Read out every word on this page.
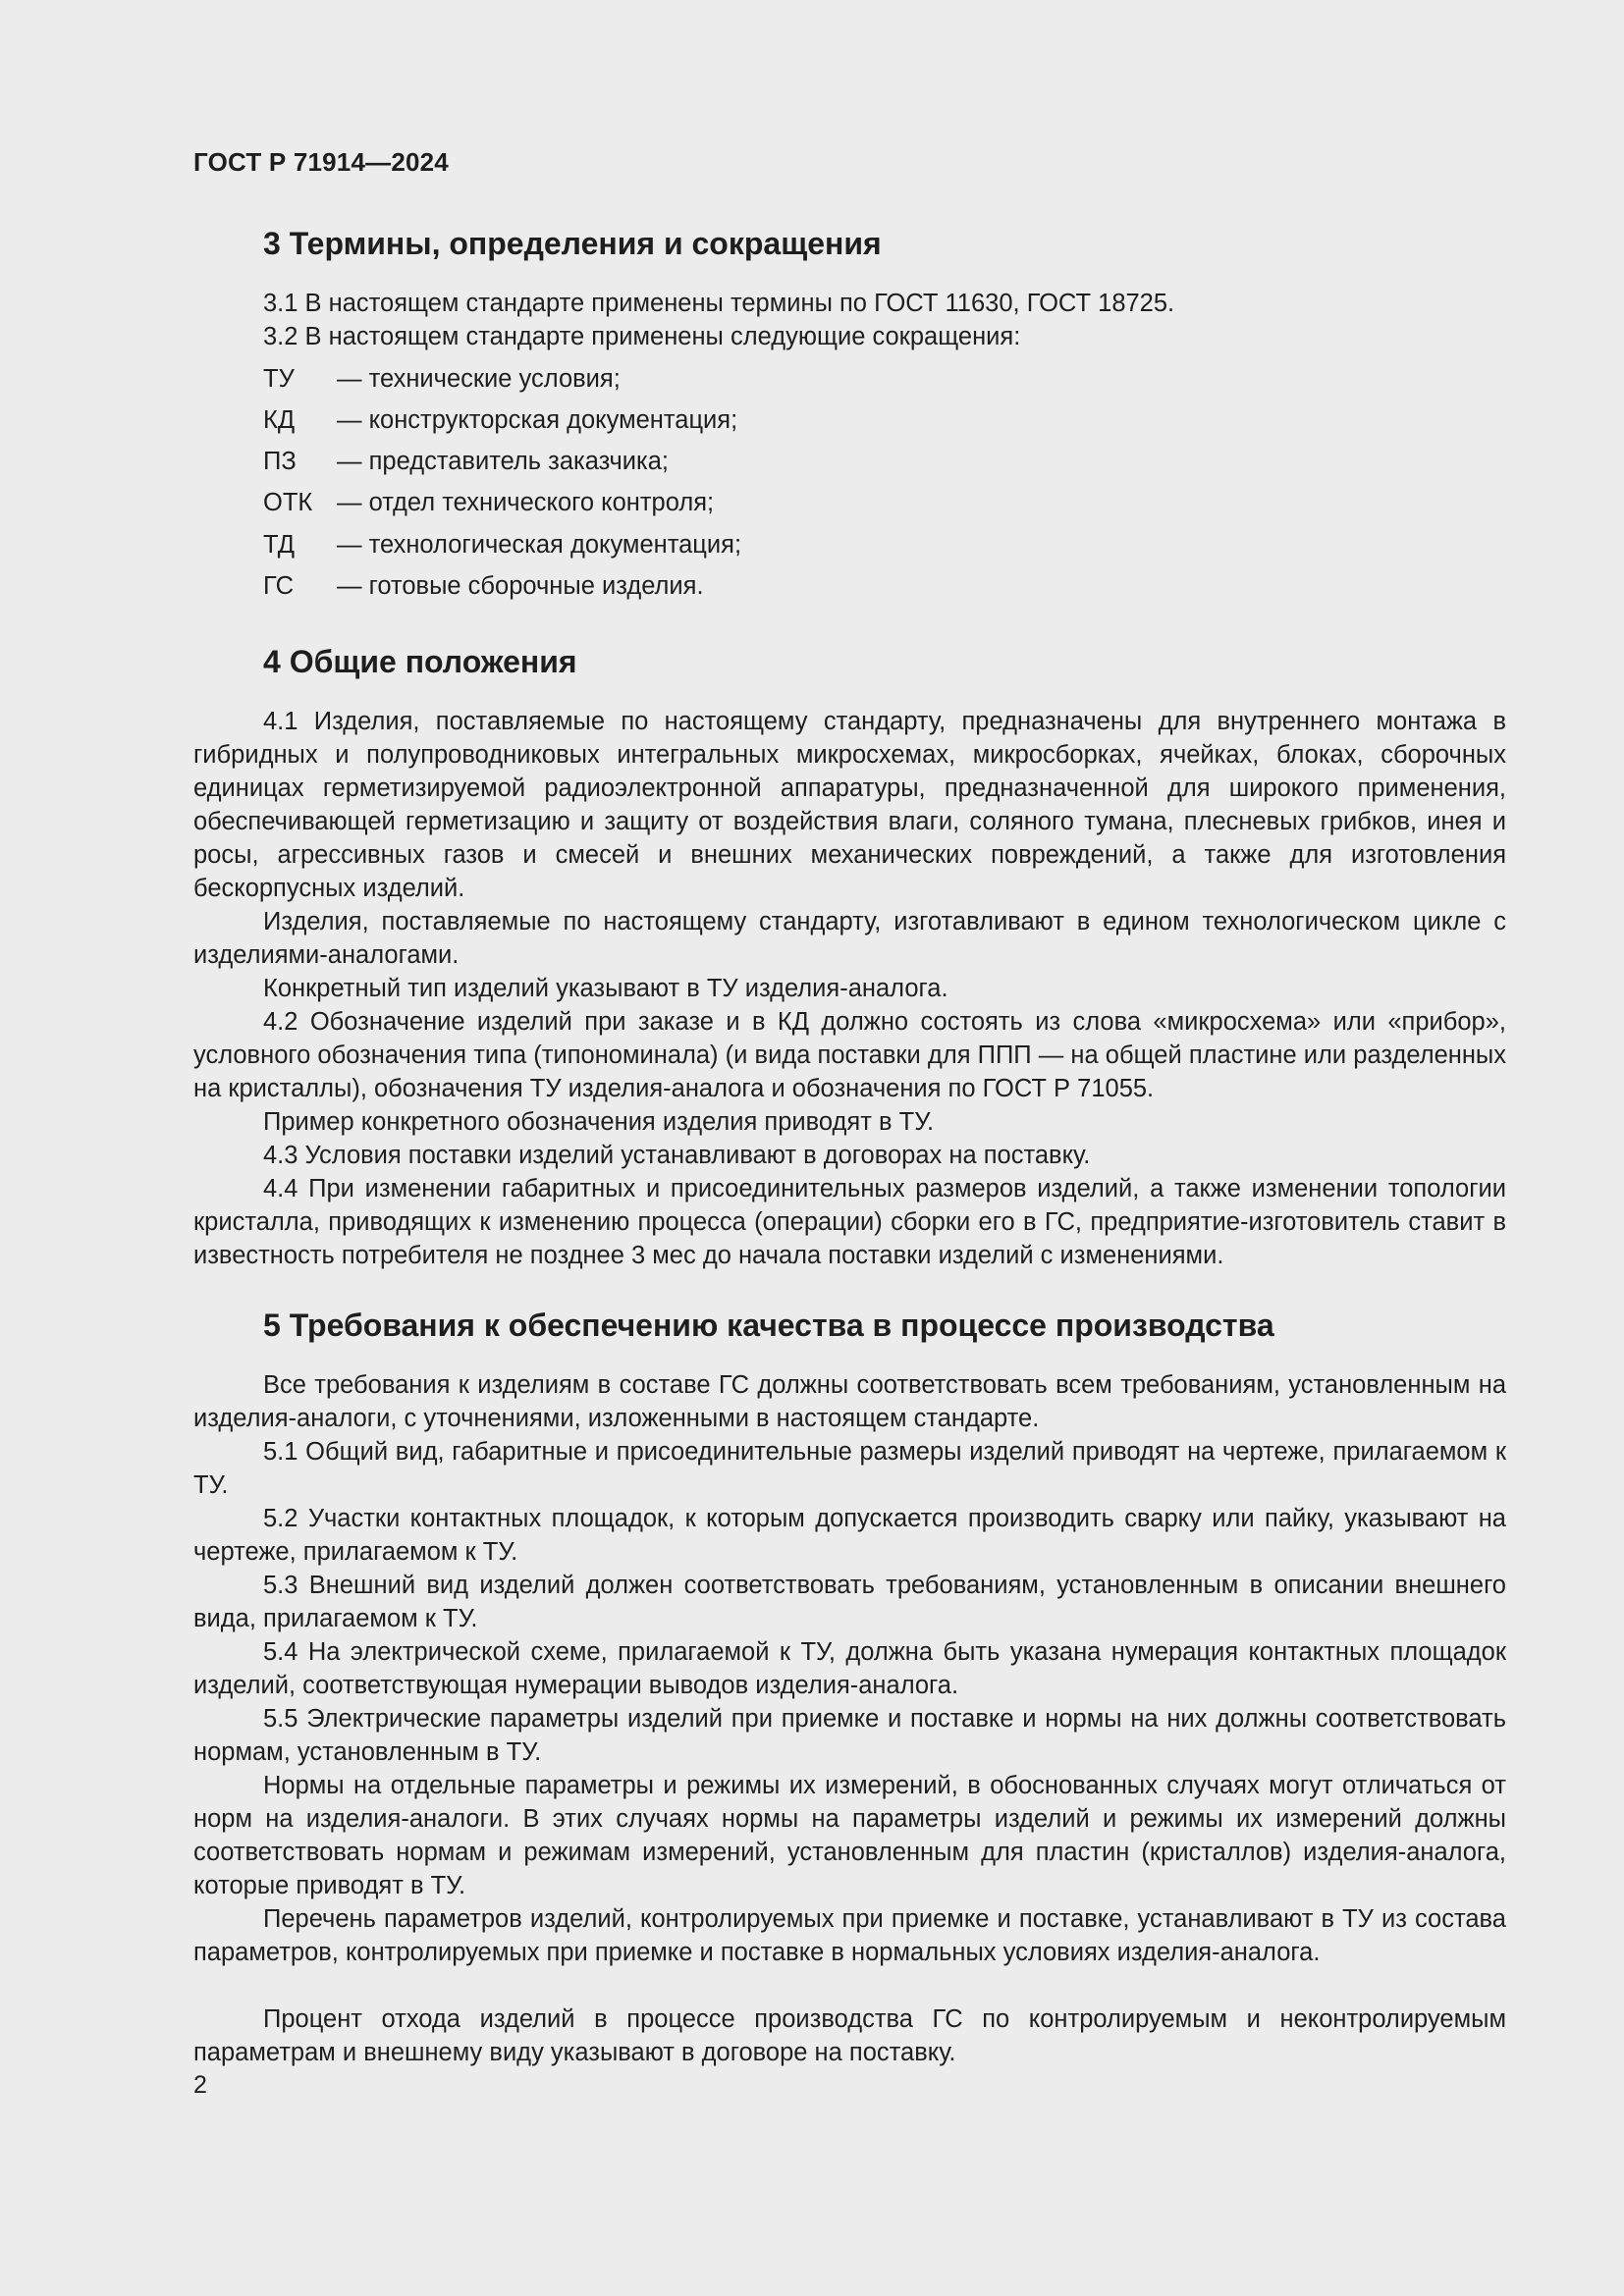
ГОСТ Р 71914—2024
3 Термины, определения и сокращения
3.1 В настоящем стандарте применены термины по ГОСТ 11630, ГОСТ 18725.
3.2 В настоящем стандарте применены следующие сокращения:
ТУ — технические условия;
КД — конструкторская документация;
ПЗ — представитель заказчика;
ОТК — отдел технического контроля;
ТД — технологическая документация;
ГС — готовые сборочные изделия.
4 Общие положения
4.1 Изделия, поставляемые по настоящему стандарту, предназначены для внутреннего монтажа в гибридных и полупроводниковых интегральных микросхемах, микросборках, ячейках, блоках, сборочных единицах герметизируемой радиоэлектронной аппаратуры, предназначенной для широкого применения, обеспечивающей герметизацию и защиту от воздействия влаги, соляного тумана, плесневых грибков, инея и росы, агрессивных газов и смесей и внешних механических повреждений, а также для изготовления бескорпусных изделий.
Изделия, поставляемые по настоящему стандарту, изготавливают в едином технологическом цикле с изделиями-аналогами.
Конкретный тип изделий указывают в ТУ изделия-аналога.
4.2 Обозначение изделий при заказе и в КД должно состоять из слова «микросхема» или «прибор», условного обозначения типа (типономинала) (и вида поставки для ППП — на общей пластине или разделенных на кристаллы), обозначения ТУ изделия-аналога и обозначения по ГОСТ Р 71055.
Пример конкретного обозначения изделия приводят в ТУ.
4.3 Условия поставки изделий устанавливают в договорах на поставку.
4.4 При изменении габаритных и присоединительных размеров изделий, а также изменении топологии кристалла, приводящих к изменению процесса (операции) сборки его в ГС, предприятие-изготовитель ставит в известность потребителя не позднее 3 мес до начала поставки изделий с изменениями.
5 Требования к обеспечению качества в процессе производства
Все требования к изделиям в составе ГС должны соответствовать всем требованиям, установленным на изделия-аналоги, с уточнениями, изложенными в настоящем стандарте.
5.1 Общий вид, габаритные и присоединительные размеры изделий приводят на чертеже, прилагаемом к ТУ.
5.2 Участки контактных площадок, к которым допускается производить сварку или пайку, указывают на чертеже, прилагаемом к ТУ.
5.3 Внешний вид изделий должен соответствовать требованиям, установленным в описании внешнего вида, прилагаемом к ТУ.
5.4 На электрической схеме, прилагаемой к ТУ, должна быть указана нумерация контактных площадок изделий, соответствующая нумерации выводов изделия-аналога.
5.5 Электрические параметры изделий при приемке и поставке и нормы на них должны соответствовать нормам, установленным в ТУ.
Нормы на отдельные параметры и режимы их измерений, в обоснованных случаях могут отличаться от норм на изделия-аналоги. В этих случаях нормы на параметры изделий и режимы их измерений должны соответствовать нормам и режимам измерений, установленным для пластин (кристаллов) изделия-аналога, которые приводят в ТУ.
Перечень параметров изделий, контролируемых при приемке и поставке, устанавливают в ТУ из состава параметров, контролируемых при приемке и поставке в нормальных условиях изделия-аналога.
Процент отхода изделий в процессе производства ГС по контролируемым и неконтролируемым параметрам и внешнему виду указывают в договоре на поставку.
2
